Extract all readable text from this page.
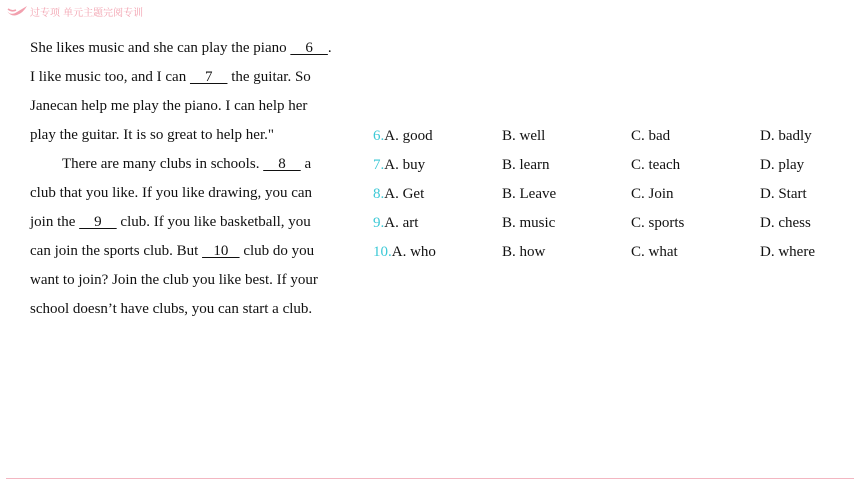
过专项 单元主题完阅专训
She likes music and she can play the piano     6    .
I like music too, and I can     7     the guitar. So
Janecan help me play the piano. I can help her
play the guitar. It is so great to help her."
There are many clubs in schools.     8     a
club that you like. If you like drawing, you can
join the     9     club. If you like basketball, you
can join the sports club. But    10    club do you
want to join? Join the club you like best. If your
school doesn’t have clubs, you can start a club.
6.A. good	B. well	C. bad	D. badly
7.A. buy	B. learn	C. teach	D. play
8.A. Get	B. Leave	C. Join	D. Start
9.A. art	B. music	C. sports	D. chess
10.A. who	B. how	C. what	D. where
